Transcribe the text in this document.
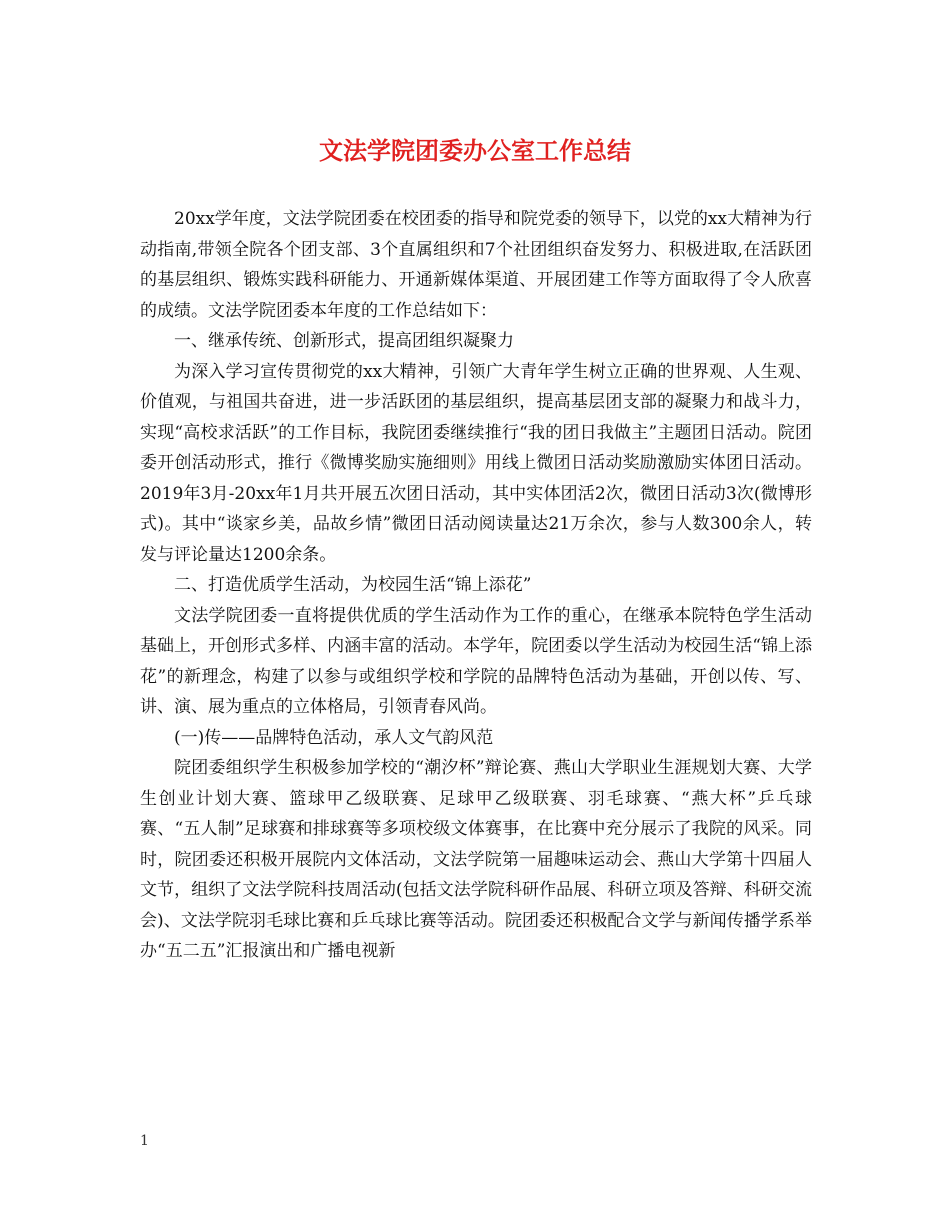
文法学院团委办公室工作总结

20xx学年度，文法学院团委在校团委的指导和院党委的领导下，以党的xx大精神为行动指南,带领全院各个团支部、3个直属组织和7个社团组织奋发努力、积极进取,在活跃团的基层组织、锻炼实践科研能力、开通新媒体渠道、开展团建工作等方面取得了令人欣喜的成绩。文法学院团委本年度的工作总结如下：

一、继承传统、创新形式，提高团组织凝聚力

为深入学习宣传贯彻党的xx大精神，引领广大青年学生树立正确的世界观、人生观、价值观，与祖国共奋进，进一步活跃团的基层组织，提高基层团支部的凝聚力和战斗力，实现“高校求活跃”的工作目标，我院团委继续推行“我的团日我做主”主题团日活动。院团委开创活动形式，推行《微博奖励实施细则》用线上微团日活动奖励激励实体团日活动。2019年3月-20xx年1月共开展五次团日活动，其中实体团活2次，微团日活动3次(微博形式)。其中“谈家乡美，品故乡情”微团日活动阅读量达21万余次，参与人数300余人，转发与评论量达1200余条。

二、打造优质学生活动，为校园生活“锦上添花”

文法学院团委一直将提供优质的学生活动作为工作的重心，在继承本院特色学生活动基础上，开创形式多样、内涵丰富的活动。本学年，院团委以学生活动为校园生活“锦上添花”的新理念，构建了以参与或组织学校和学院的品牌特色活动为基础，开创以传、写、讲、演、展为重点的立体格局，引领青春风尚。

(一)传——品牌特色活动，承人文气韵风范

院团委组织学生积极参加学校的“潮汐杯”辩论赛、燕山大学职业生涯规划大赛、大学生创业计划大赛、篮球甲乙级联赛、足球甲乙级联赛、羽毛球赛、“燕大杯”乒乓球赛、“五人制”足球赛和排球赛等多项校级文体赛事，在比赛中充分展示了我院的风采。同时，院团委还积极开展院内文体活动，文法学院第一届趣味运动会、燕山大学第十四届人文节，组织了文法学院科技周活动(包括文法学院科研作品展、科研立项及答辩、科研交流会)、文法学院羽毛球比赛和乒乓球比赛等活动。院团委还积极配合文学与新闻传播学系举办“五二五”汇报演出和广播电视新

1
